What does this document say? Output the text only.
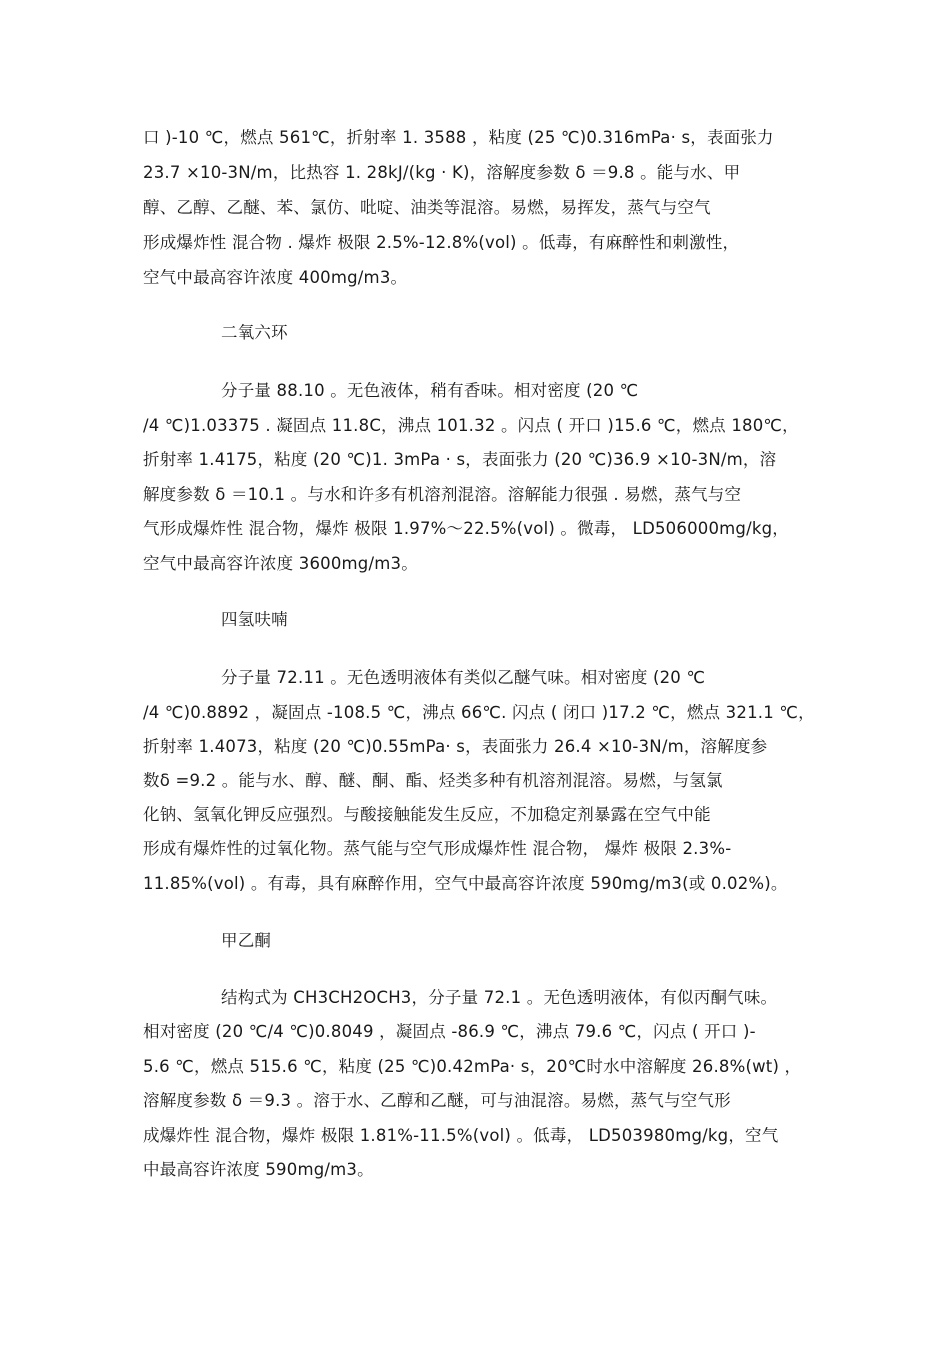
口 )-10 ℃，燃点 561℃，折射率 1. 3588 ，粘度 (25 ℃)0.316mPa· s，表面张力
23.7 ×10-3N/m，比热容 1. 28kJ/(kg · K)，溶解度参数 δ ＝9.8 。能与水、甲
醇、乙醇、乙醚、苯、氯仿、吡啶、油类等混溶。易燃，易挥发，蒸气与空气
形成爆炸性 混合物 . 爆炸 极限 2.5%-12.8%(vol) 。低毒，有麻醉性和刺激性，
空气中最高容许浓度 400mg/m3。
二氧六环
分子量 88.10 。无色液体，稍有香味。相对密度 (20 ℃
/4 ℃)1.03375 . 凝固点 11.8C，沸点 101.32 。闪点 ( 开口 )15.6 ℃，燃点 180℃，
折射率 1.4175，粘度 (20 ℃)1. 3mPa · s，表面张力 (20 ℃)36.9 ×10-3N/m，溶
解度参数 δ ＝10.1 。与水和许多有机溶剂混溶。溶解能力很强 . 易燃，蒸气与空
气形成爆炸性 混合物，爆炸 极限 1.97%～22.5%(vol) 。微毒， LD506000mg/kg，
空气中最高容许浓度 3600mg/m3。
四氢呋喃
分子量 72.11 。无色透明液体有类似乙醚气味。相对密度 (20 ℃
/4 ℃)0.8892 ，凝固点 -108.5 ℃，沸点 66℃. 闪点 ( 闭口 )17.2 ℃，燃点 321.1 ℃，
折射率 1.4073，粘度 (20 ℃)0.55mPa· s，表面张力 26.4 ×10-3N/m，溶解度参
数δ =9.2 。能与水、醇、醚、酮、酯、烃类多种有机溶剂混溶。易燃，与氢氯
化钠、氢氧化钾反应强烈。与酸接触能发生反应，不加稳定剂暴露在空气中能
形成有爆炸性的过氧化物。蒸气能与空气形成爆炸性 混合物， 爆炸 极限 2.3%-
11.85%(vol) 。有毒，具有麻醉作用，空气中最高容许浓度 590mg/m3(或 0.02%)。
甲乙酮
结构式为 CH3CH2OCH3，分子量 72.1 。无色透明液体，有似丙酮气味。
相对密度 (20 ℃/4 ℃)0.8049 ，凝固点 -86.9 ℃，沸点 79.6 ℃，闪点 ( 开口 )-
5.6 ℃，燃点 515.6 ℃，粘度 (25 ℃)0.42mPa· s，20℃时水中溶解度 26.8%(wt) ，
溶解度参数 δ ＝9.3 。溶于水、乙醇和乙醚，可与油混溶。易燃，蒸气与空气形
成爆炸性 混合物，爆炸 极限 1.81%-11.5%(vol) 。低毒， LD503980mg/kg，空气
中最高容许浓度 590mg/m3。
